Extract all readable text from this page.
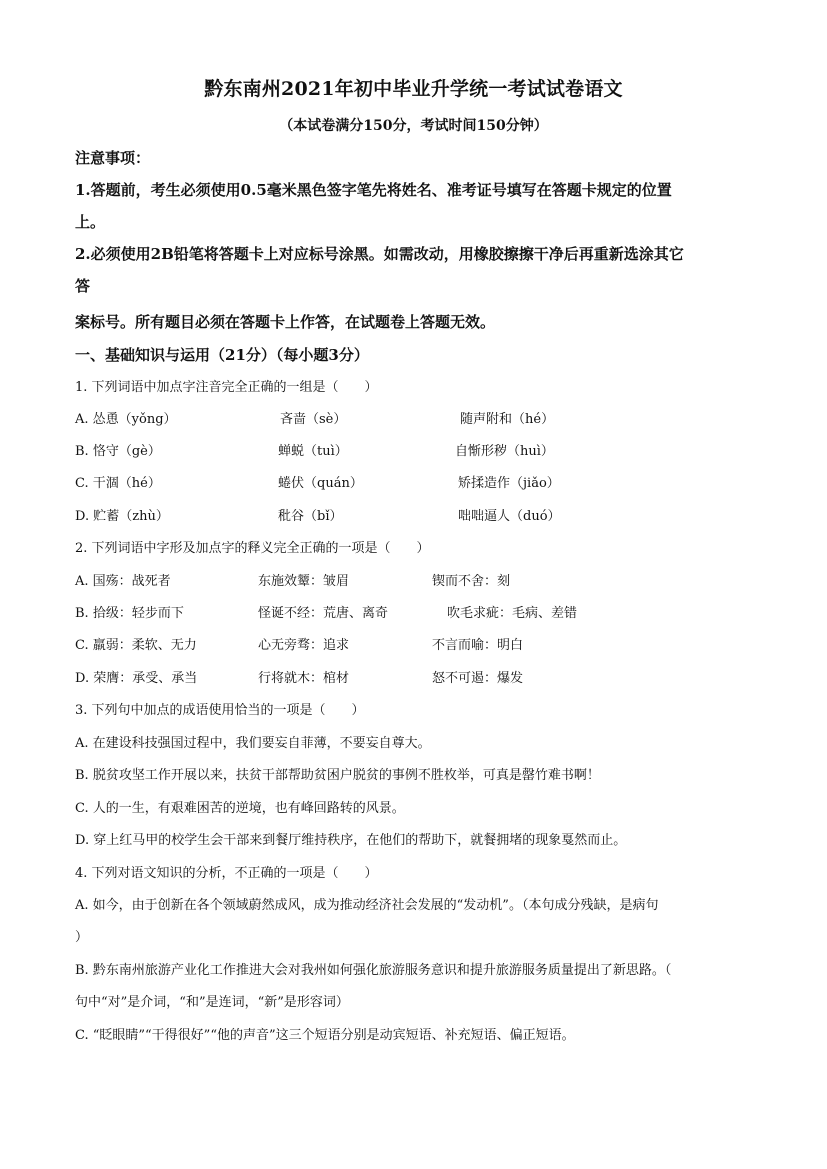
黔东南州2021年初中毕业升学统一考试试卷语文
（本试卷满分150分，考试时间150分钟）
注意事项：
1.答题前，考生必须使用0.5毫米黑色签字笔先将姓名、准考证号填写在答题卡规定的位置
上。
2.必须使用2B铅笔将答题卡上对应标号涂黑。如需改动，用橡胶擦擦干净后再重新选涂其它
答
案标号。所有题目必须在答题卡上作答，在试题卷上答题无效。
一、基础知识与运用（21分）（每小题3分）
1. 下列词语中加点字注音完全正确的一组是（　　）
A. 怂恿（yǒng）	吝啬（sè）	随声附和（hé）
B. 恪守（gè）	蝉蜕（tuì）	自惭形秽（huì）
C. 干涸（hé）	蜷伏（quán）	矫揉造作（jiǎo）
D. 贮蓄（zhù）	秕谷（bǐ）	咄咄逼人（duó）
2. 下列词语中字形及加点字的释义完全正确的一项是（　　）
A. 国殇：战死者	东施效颦：皱眉	锲而不舍：刻
B. 拾级：轻步而下	怪诞不经：荒唐、离奇	吹毛求疵：毛病、差错
C. 羸弱：柔软、无力	心无旁骛：追求	不言而喻：明白
D. 荣膺：承受、承当	行将就木：棺材	怒不可遏：爆发
3. 下列句中加点的成语使用恰当的一项是（　　）
A. 在建设科技强国过程中，我们要妄自菲薄，不要妄自尊大。
B. 脱贫攻坚工作开展以来，扶贫干部帮助贫困户脱贫的事例不胜枚举，可真是罄竹难书啊！
C. 人的一生，有艰难困苦的逆境，也有峰回路转的风景。
D. 穿上红马甲的校学生会干部来到餐厅维持秩序，在他们的帮助下，就餐拥堵的现象戛然而止。
4. 下列对语文知识的分析，不正确的一项是（　　）
A. 如今，由于创新在各个领域蔚然成风，成为推动经济社会发展的“发动机”。（本句成分残缺，是病句
）
B. 黔东南州旅游产业化工作推进大会对我州如何强化旅游服务意识和提升旅游服务质量提出了新思路。（
句中“对”是介词，“和”是连词，“新”是形容词）
C. “眨眼睛”“干得很好”“他的声音”这三个短语分别是动宾短语、补充短语、偏正短语。
